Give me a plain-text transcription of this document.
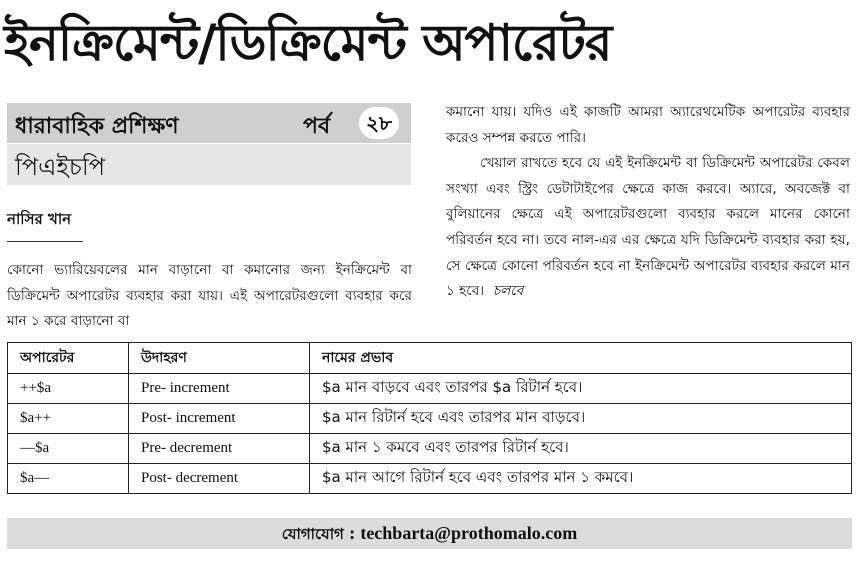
ইনক্রিমেন্ট/ডিক্রিমেন্ট অপারেটর
ধারাবাহিক প্রশিক্ষণ	পর্ব	২৮
পিএইচপি
নাসির খান
কোনো ভ্যারিয়েবলের মান বাড়ানো বা কমানোর জন্য ইনক্রিমেন্ট বা ডিক্রিমেন্ট অপারেটর ব্যবহার করা যায়। এই অপারেটরগুলো ব্যবহার করে মান ১ করে বাড়ানো বা
কমানো যায়। যদিও এই কাজটি আমরা অ্যারেথমেটিক অপারেটর ব্যবহার করেও সম্পন্ন করতে পারি।
খেয়াল রাখতে হবে যে এই ইনক্রিমেন্ট বা ডিক্রিমেন্ট অপারেটর কেবল সংখ্যা এবং স্ট্রিং ডেটাটাইপের ক্ষেত্রে কাজ করবে। অ্যারে, অবজেক্ট বা বুলিয়ানের ক্ষেত্রে এই অপারেটরগুলো ব্যবহার করলে মানের কোনো পরিবর্তন হবে না। তবে নাল-এর এর ক্ষেত্রে যদি ডিক্রিমেন্ট ব্যবহার করা হয়, সে ক্ষেত্রে কোনো পরিবর্তন হবে না ইনক্রিমেন্ট অপারেটর ব্যবহার করলে মান ১ হবে। চলবে
অপারেটর	উদাহরণ	নামের প্রভাব
++$a	Pre- increment	$a মান বাড়বে এবং তারপর $a রিটার্ন হবে।
$a++	Post- increment	$a মান রিটার্ন হবে এবং তারপর মান বাড়বে।
—$a	Pre- decrement	$a মান ১ কমবে এবং তারপর রিটার্ন হবে।
$a—	Post- decrement	$a মান আগে রিটার্ন হবে এবং তারপর মান ১ কমবে।
যোগাযোগ : techbarta@prothomalo.com
